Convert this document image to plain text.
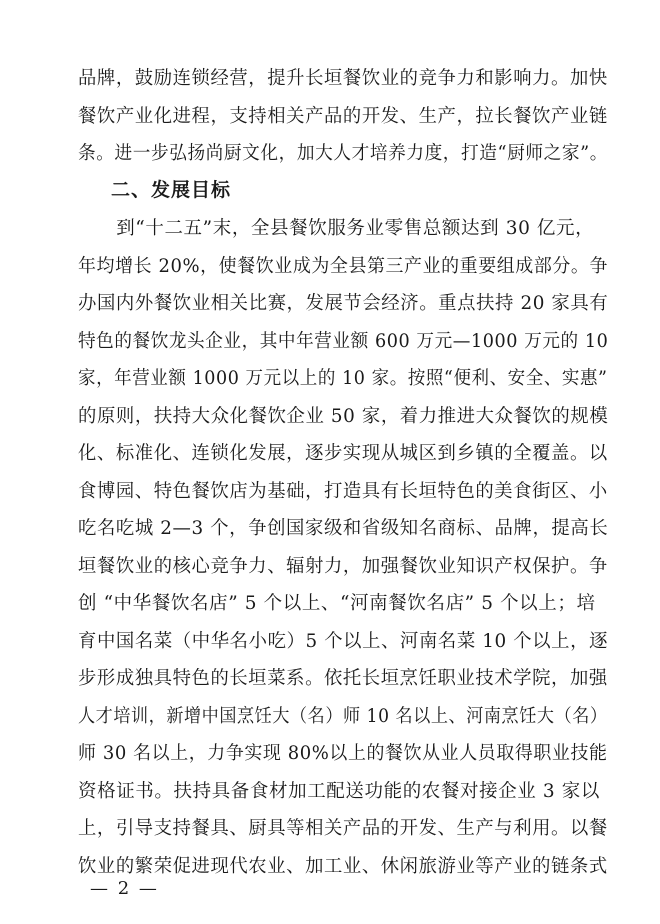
品牌，鼓励连锁经营，提升长垣餐饮业的竞争力和影响力。加快
餐饮产业化进程，支持相关产品的开发、生产，拉长餐饮产业链
条。进一步弘扬尚厨文化，加大人才培养力度，打造“厨师之家”。
二、发展目标
　　到“十二五”末，全县餐饮服务业零售总额达到 30 亿元，
年均增长 20%，使餐饮业成为全县第三产业的重要组成部分。争
办国内外餐饮业相关比赛，发展节会经济。重点扶持 20 家具有
特色的餐饮龙头企业，其中年营业额 600 万元—1000 万元的 10
家，年营业额 1000 万元以上的 10 家。按照“便利、安全、实惠”
的原则，扶持大众化餐饮企业 50 家，着力推进大众餐饮的规模
化、标准化、连锁化发展，逐步实现从城区到乡镇的全覆盖。以
食博园、特色餐饮店为基础，打造具有长垣特色的美食街区、小
吃名吃城 2—3 个，争创国家级和省级知名商标、品牌，提高长
垣餐饮业的核心竞争力、辐射力，加强餐饮业知识产权保护。争
创 “中华餐饮名店” 5 个以上、“河南餐饮名店” 5 个以上；培
育中国名菜（中华名小吃）5 个以上、河南名菜 10 个以上，逐
步形成独具特色的长垣菜系。依托长垣烹饪职业技术学院，加强
人才培训，新增中国烹饪大（名）师 10 名以上、河南烹饪大（名）
师 30 名以上，力争实现 80%以上的餐饮从业人员取得职业技能
资格证书。扶持具备食材加工配送功能的农餐对接企业 3 家以
上，引导支持餐具、厨具等相关产品的开发、生产与利用。以餐
饮业的繁荣促进现代农业、加工业、休闲旅游业等产业的链条式
— 2 —
